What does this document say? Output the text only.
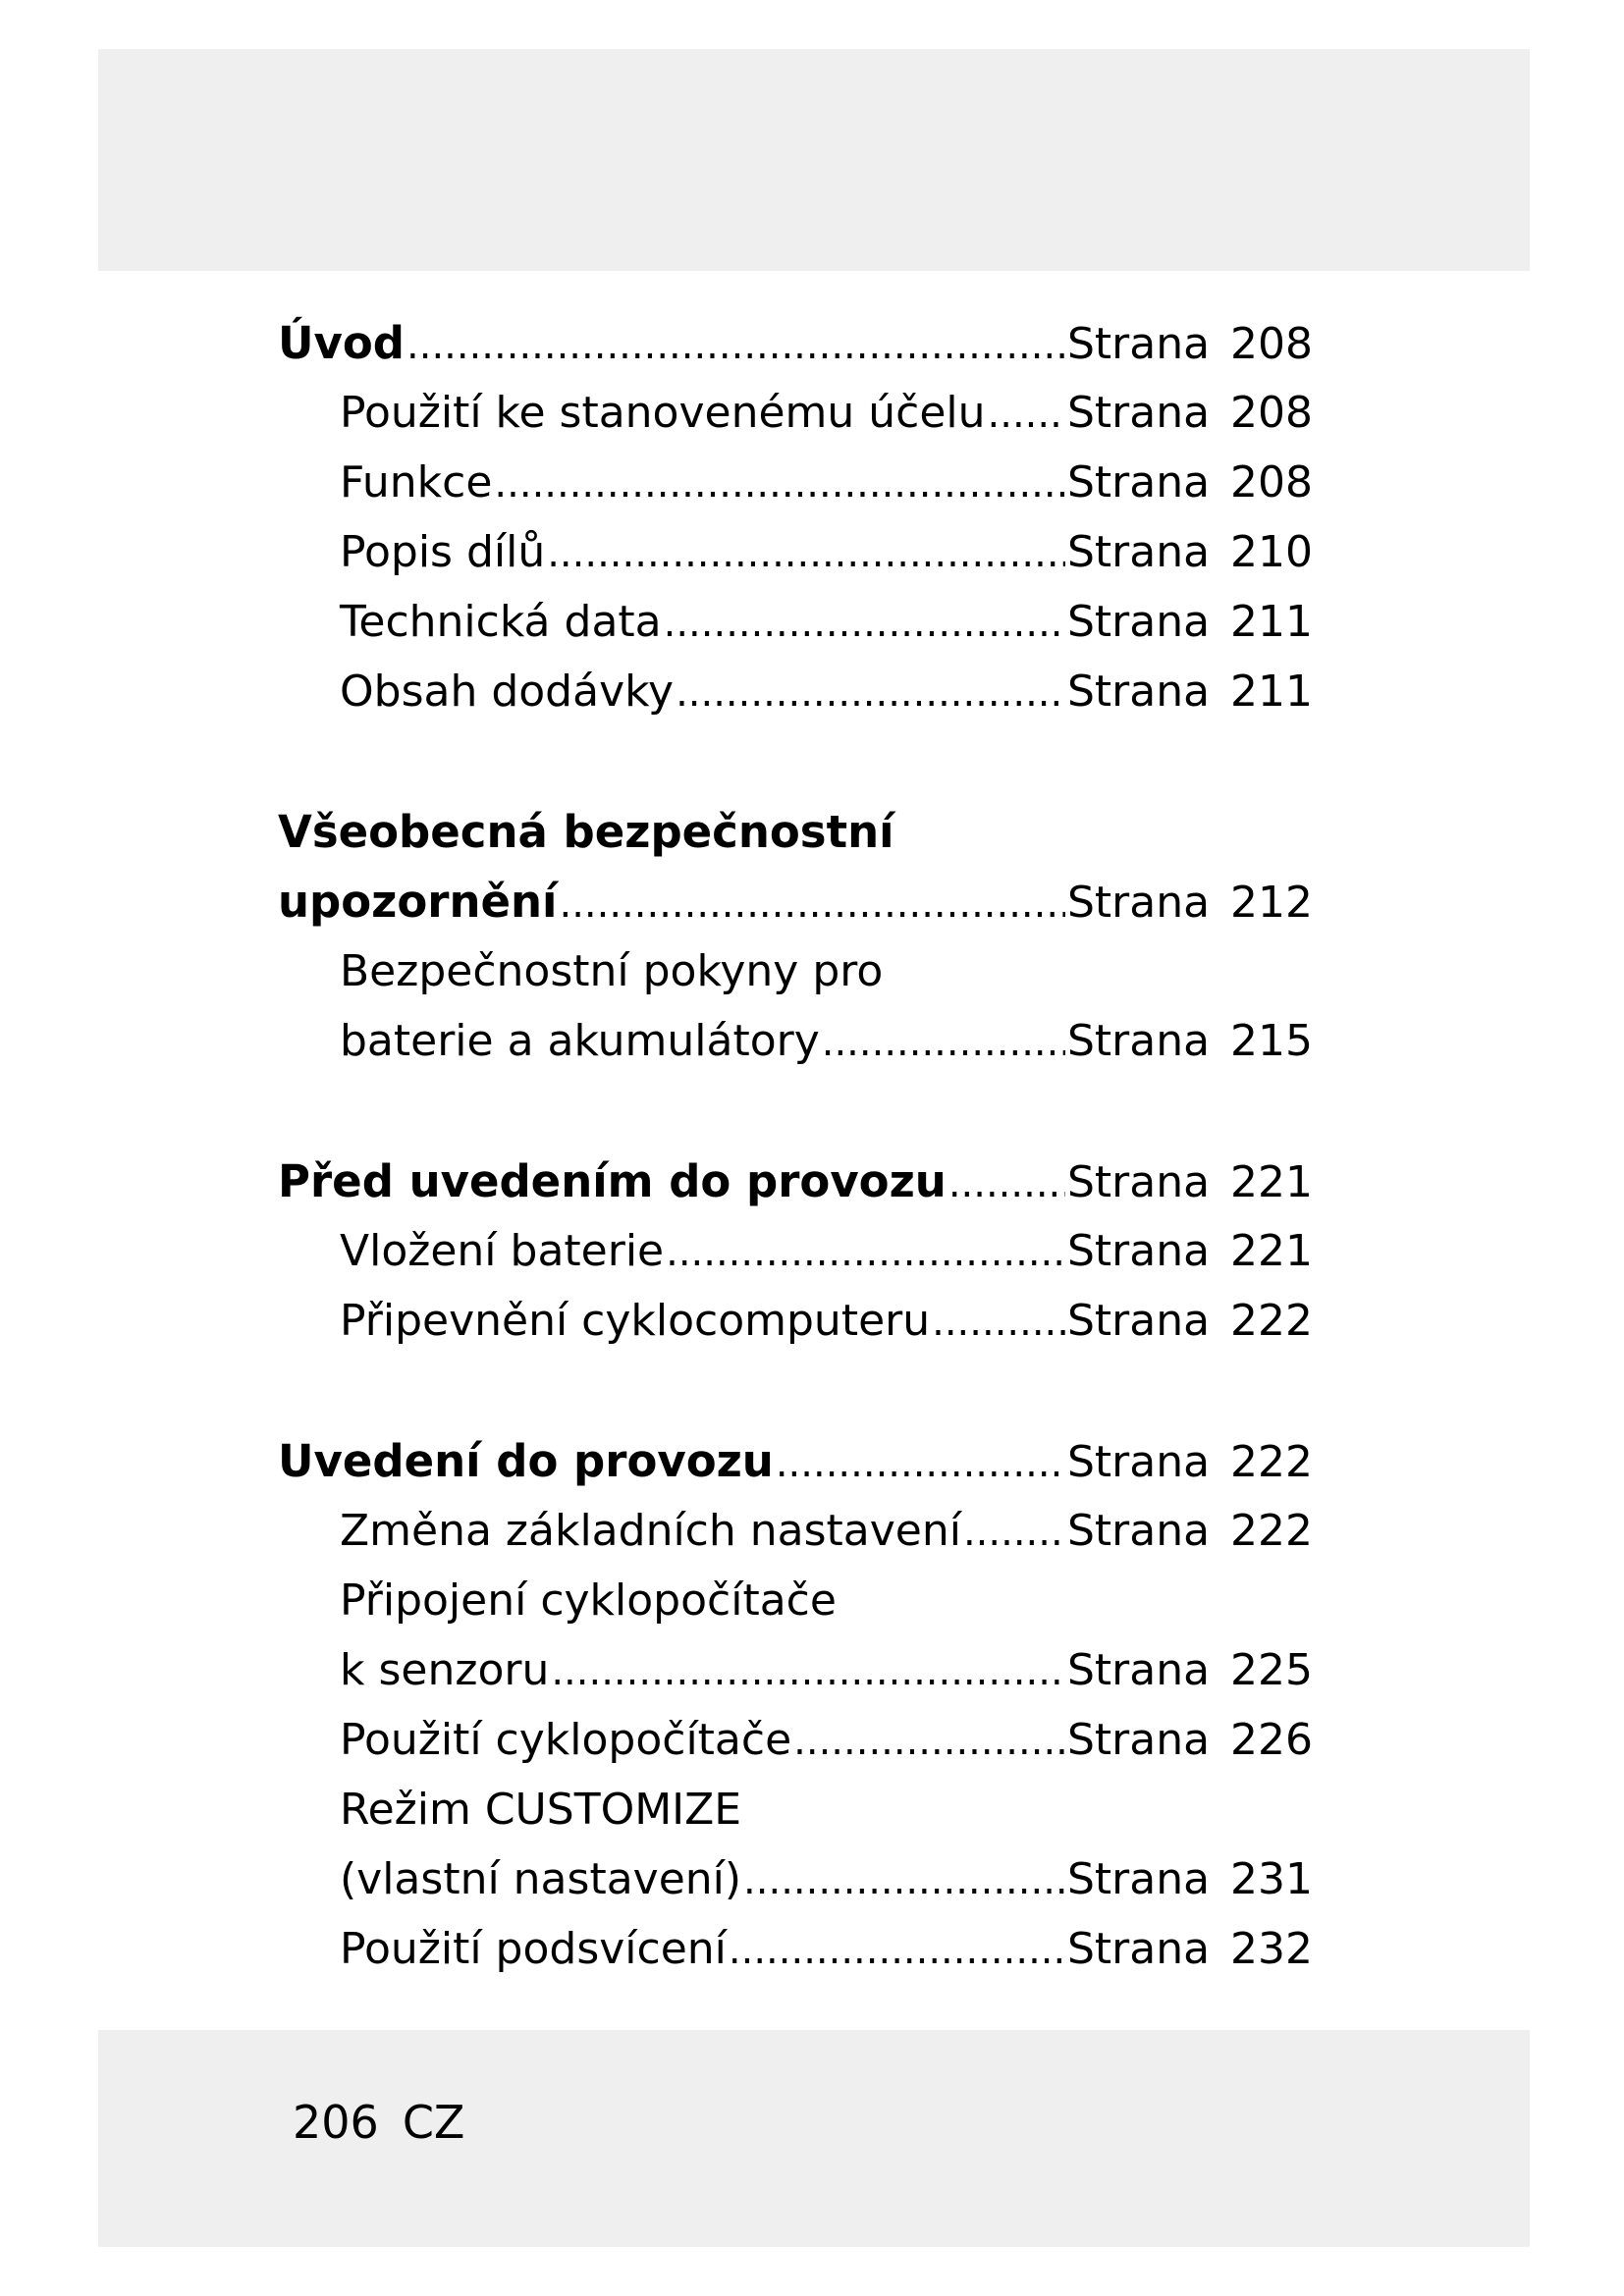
Úvod .....	Strana 208
Použití ke stanovenému účelu ..... Strana 208
Funkce .....	Strana 208
Popis dílů .....	Strana 210
Technická data .....	Strana 211
Obsah dodávky .....	Strana 211
Všeobecná bezpečnostní
upozornění .....	Strana 212
Bezpečnostní pokyny pro
baterie a akumulátory .....	Strana 215
Před uvedením do provozu .....	Strana 221
Vložení baterie .....	Strana 221
Připevnění cyklocomputeru .....	Strana 222
Uvedení do provozu .....	Strana 222
Změna základních nastavení ..... Strana 222
Připojení cyklopočítače
k senzoru .....	Strana 225
Použití cyklopočítače .....	Strana 226
Režim CUSTOMIZE
(vlastní nastavení) .....	Strana 231
Použití podsvícení .....	Strana 232
206 CZ
